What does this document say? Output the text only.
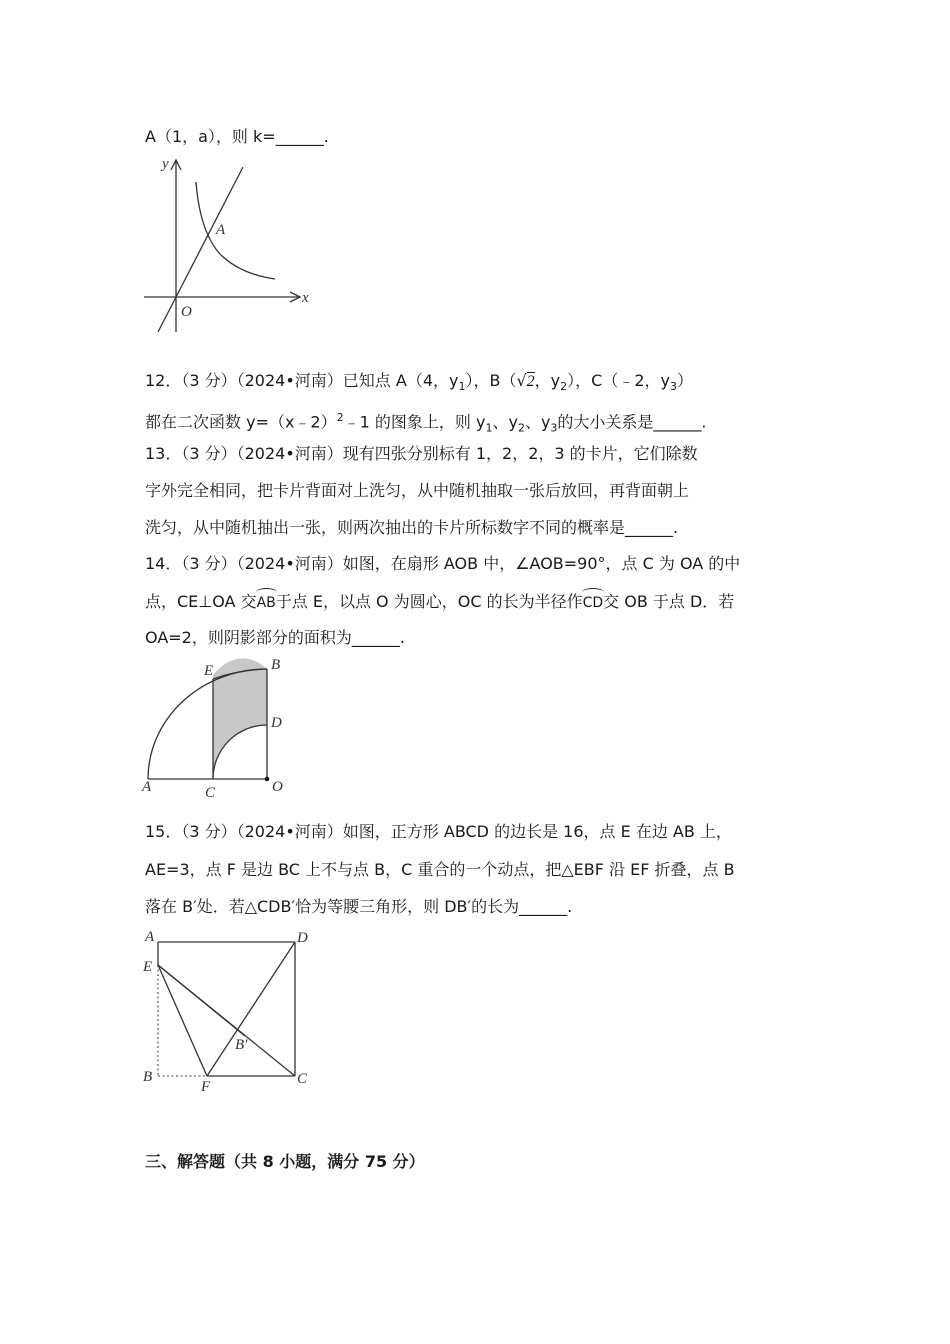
A（1，a），则 k=______.
y
x
A
O
12．（3 分）（2024•河南）已知点 A（4，$y_1$），B（√2，$y_2$），C（﹣2，$y_3$）
都在二次函数 y=（x﹣2）$^2$﹣1 的图象上，则 $y_1$、$y_2$、$y_3$的大小关系是______.
13．（3 分）（2024•河南）现有四张分别标有 1，2，2，3 的卡片，它们除数
字外完全相同，把卡片背面对上洗匀，从中随机抽取一张后放回，再背面朝上
洗匀，从中随机抽出一张，则两次抽出的卡片所标数字不同的概率是______.
14．（3 分）（2024•河南）如图，在扇形 AOB 中，∠AOB=90°，点 C 为 OA 的中
点，CE⊥OA 交AB于点 E，以点 O 为圆心，OC 的长为半径作CD交 OB 于点 D．若
OA=2，则阴影部分的面积为______.
E	B
D
A	C	O
15．（3 分）（2024•河南）如图，正方形 ABCD 的边长是 16，点 E 在边 AB 上，
AE=3，点 F 是边 BC 上不与点 B，C 重合的一个动点，把△EBF 沿 EF 折叠，点 B
落在 B′处．若△CDB′恰为等腰三角形，则 DB′的长为______.
A	D
E
B′
B
F	C
三、解答题（共 8 小题，满分 75 分）
